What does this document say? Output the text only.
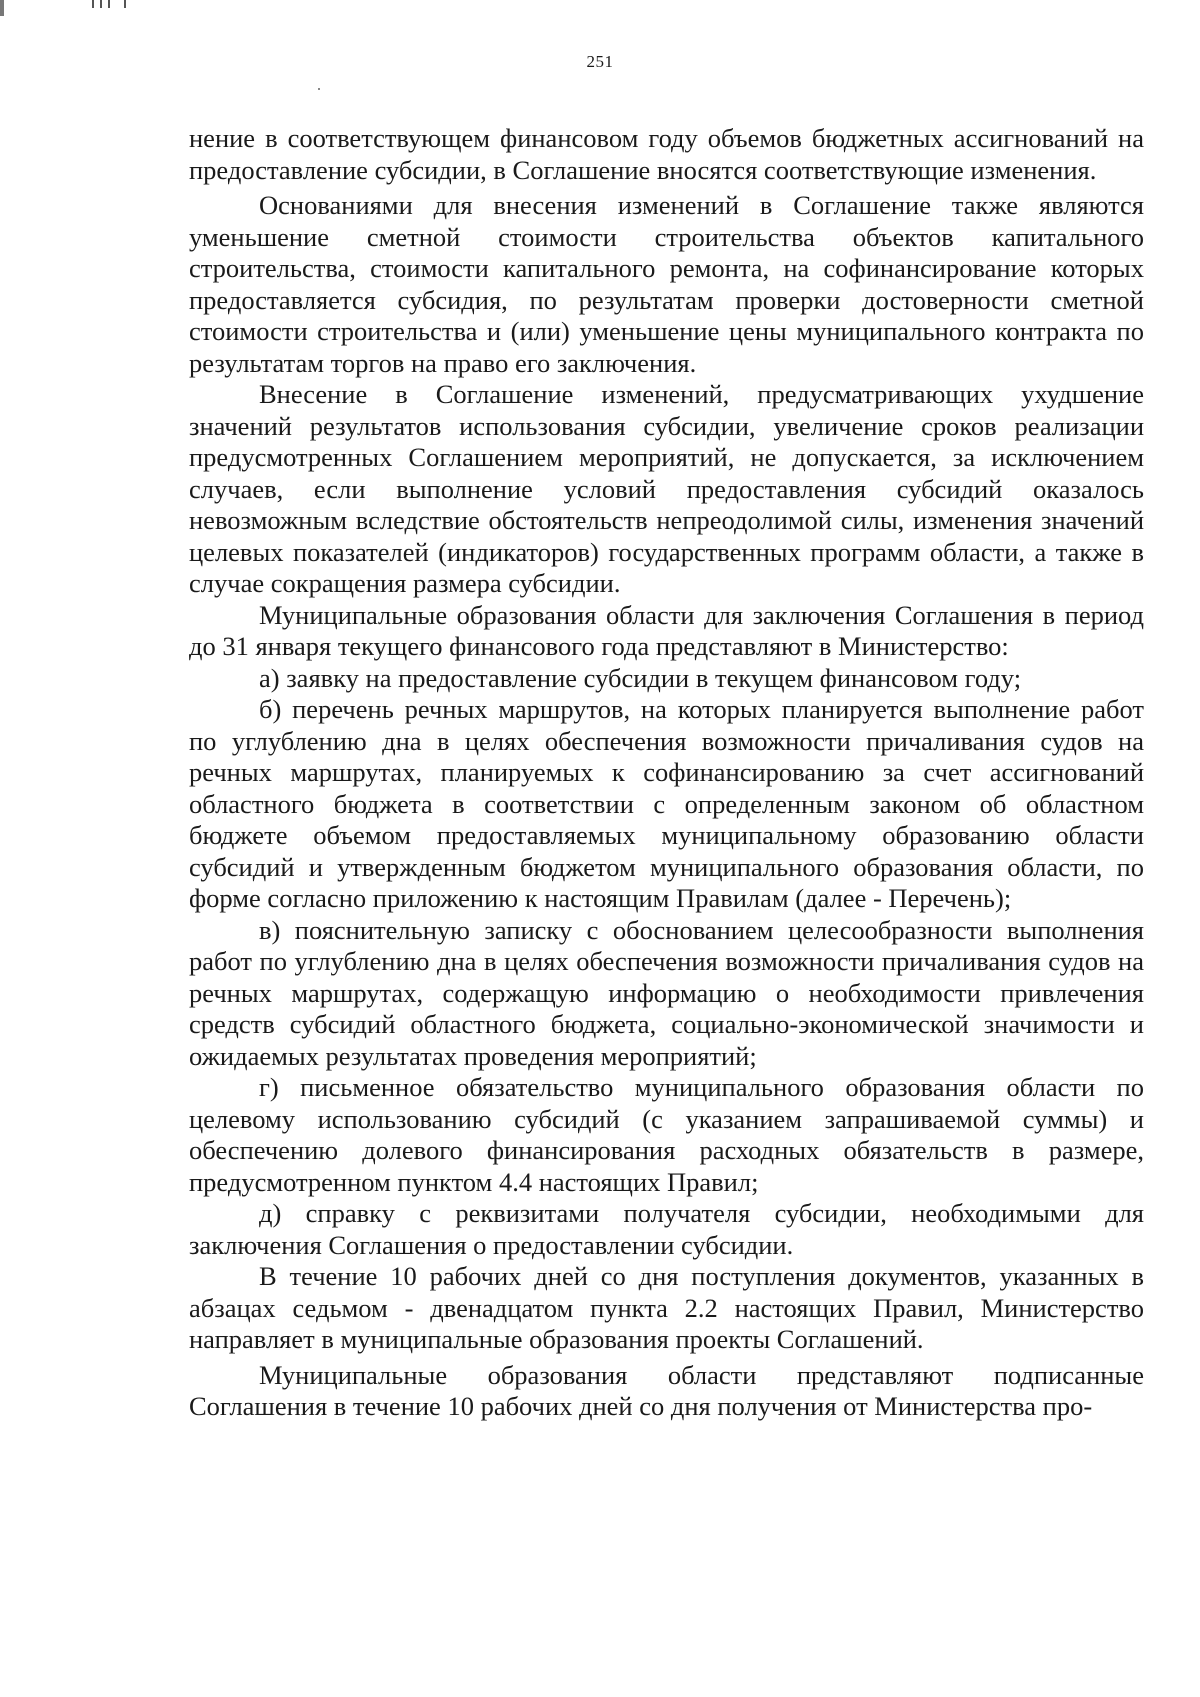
251

нение в соответствующем финансовом году объемов бюджетных ассигнований на предоставление субсидии, в Соглашение вносятся соответствующие изменения.

Основаниями для внесения изменений в Соглашение также являются уменьшение сметной стоимости строительства объектов капитального строительства, стоимости капитального ремонта, на софинансирование которых предоставляется субсидия, по результатам проверки достоверности сметной стоимости строительства и (или) уменьшение цены муниципального контракта по результатам торгов на право его заключения.

Внесение в Соглашение изменений, предусматривающих ухудшение значений результатов использования субсидии, увеличение сроков реализации предусмотренных Соглашением мероприятий, не допускается, за исключением случаев, если выполнение условий предоставления субсидий оказалось невозможным вследствие обстоятельств непреодолимой силы, изменения значений целевых показателей (индикаторов) государственных программ области, а также в случае сокращения размера субсидии.

Муниципальные образования области для заключения Соглашения в период до 31 января текущего финансового года представляют в Министерство:

а) заявку на предоставление субсидии в текущем финансовом году;

б) перечень речных маршрутов, на которых планируется выполнение работ по углублению дна в целях обеспечения возможности причаливания судов на речных маршрутах, планируемых к софинансированию за счет ассигнований областного бюджета в соответствии с определенным законом об областном бюджете объемом предоставляемых муниципальному образованию области субсидий и утвержденным бюджетом муниципального образования области, по форме согласно приложению к настоящим Правилам (далее - Перечень);

в) пояснительную записку с обоснованием целесообразности выполнения работ по углублению дна в целях обеспечения возможности причаливания судов на речных маршрутах, содержащую информацию о необходимости привлечения средств субсидий областного бюджета, социально-экономической значимости и ожидаемых результатах проведения мероприятий;

г) письменное обязательство муниципального образования области по целевому использованию субсидий (с указанием запрашиваемой суммы) и обеспечению долевого финансирования расходных обязательств в размере, предусмотренном пунктом 4.4 настоящих Правил;

д) справку с реквизитами получателя субсидии, необходимыми для заключения Соглашения о предоставлении субсидии.

В течение 10 рабочих дней со дня поступления документов, указанных в абзацах седьмом - двенадцатом пункта 2.2 настоящих Правил, Министерство направляет в муниципальные образования проекты Соглашений.

Муниципальные образования области представляют подписанные Соглашения в течение 10 рабочих дней со дня получения от Министерства про-
